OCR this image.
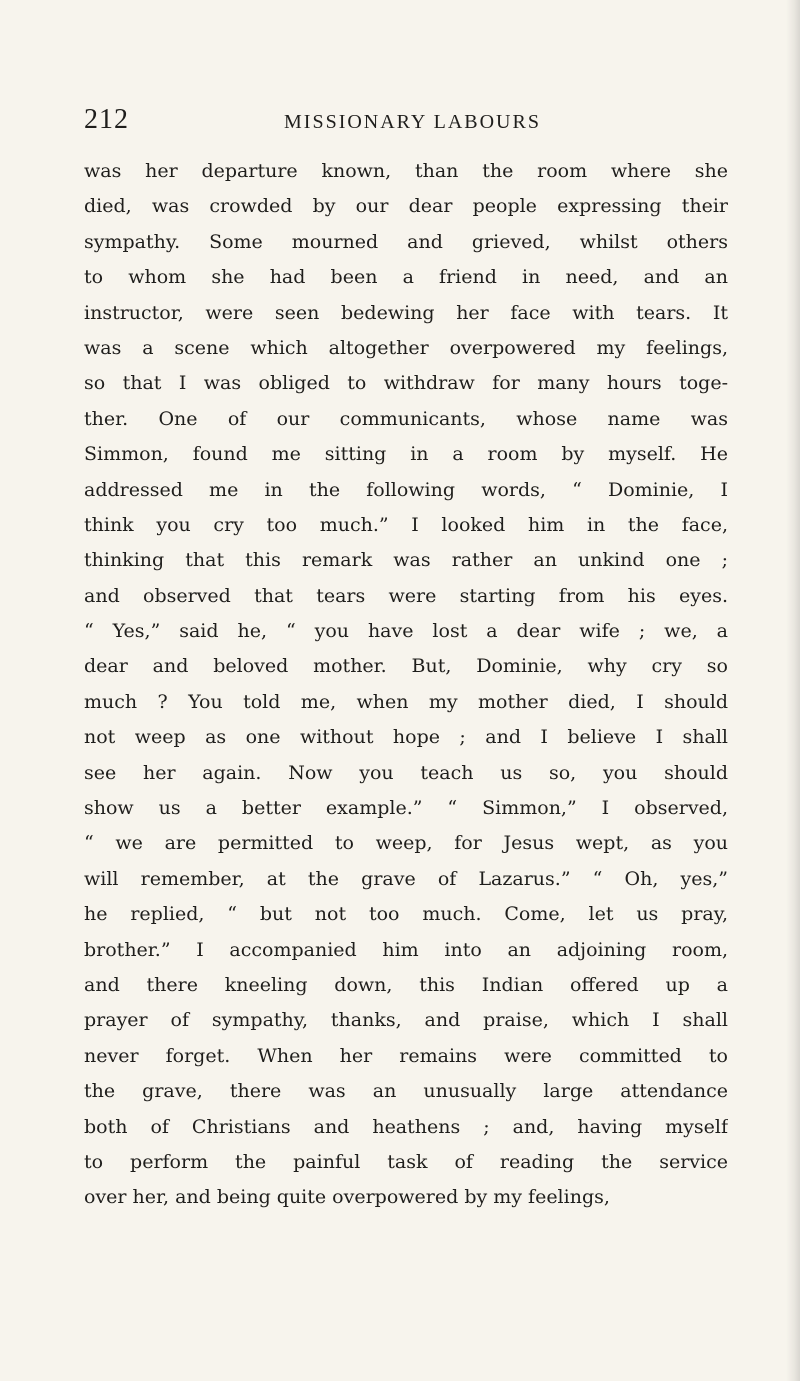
212	MISSIONARY LABOURS
was her departure known, than the room where she
died, was crowded by our dear people expressing their
sympathy. Some mourned and grieved, whilst others
to whom she had been a friend in need, and an
instructor, were seen bedewing her face with tears. It
was a scene which altogether overpowered my feelings,
so that I was obliged to withdraw for many hours toge-
ther. One of our communicants, whose name was
Simmon, found me sitting in a room by myself. He
addressed me in the following words, “ Dominie, I
think you cry too much.” I looked him in the face,
thinking that this remark was rather an unkind one ;
and observed that tears were starting from his eyes.
“ Yes,” said he, “ you have lost a dear wife ; we, a
dear and beloved mother. But, Dominie, why cry so
much ? You told me, when my mother died, I should
not weep as one without hope ; and I believe I shall
see her again. Now you teach us so, you should
show us a better example.” “ Simmon,” I observed,
“ we are permitted to weep, for Jesus wept, as you
will remember, at the grave of Lazarus.” “ Oh, yes,”
he replied, “ but not too much. Come, let us pray,
brother.” I accompanied him into an adjoining room,
and there kneeling down, this Indian offered up a
prayer of sympathy, thanks, and praise, which I shall
never forget. When her remains were committed to
the grave, there was an unusually large attendance
both of Christians and heathens ; and, having myself
to perform the painful task of reading the service
over her, and being quite overpowered by my feelings,
